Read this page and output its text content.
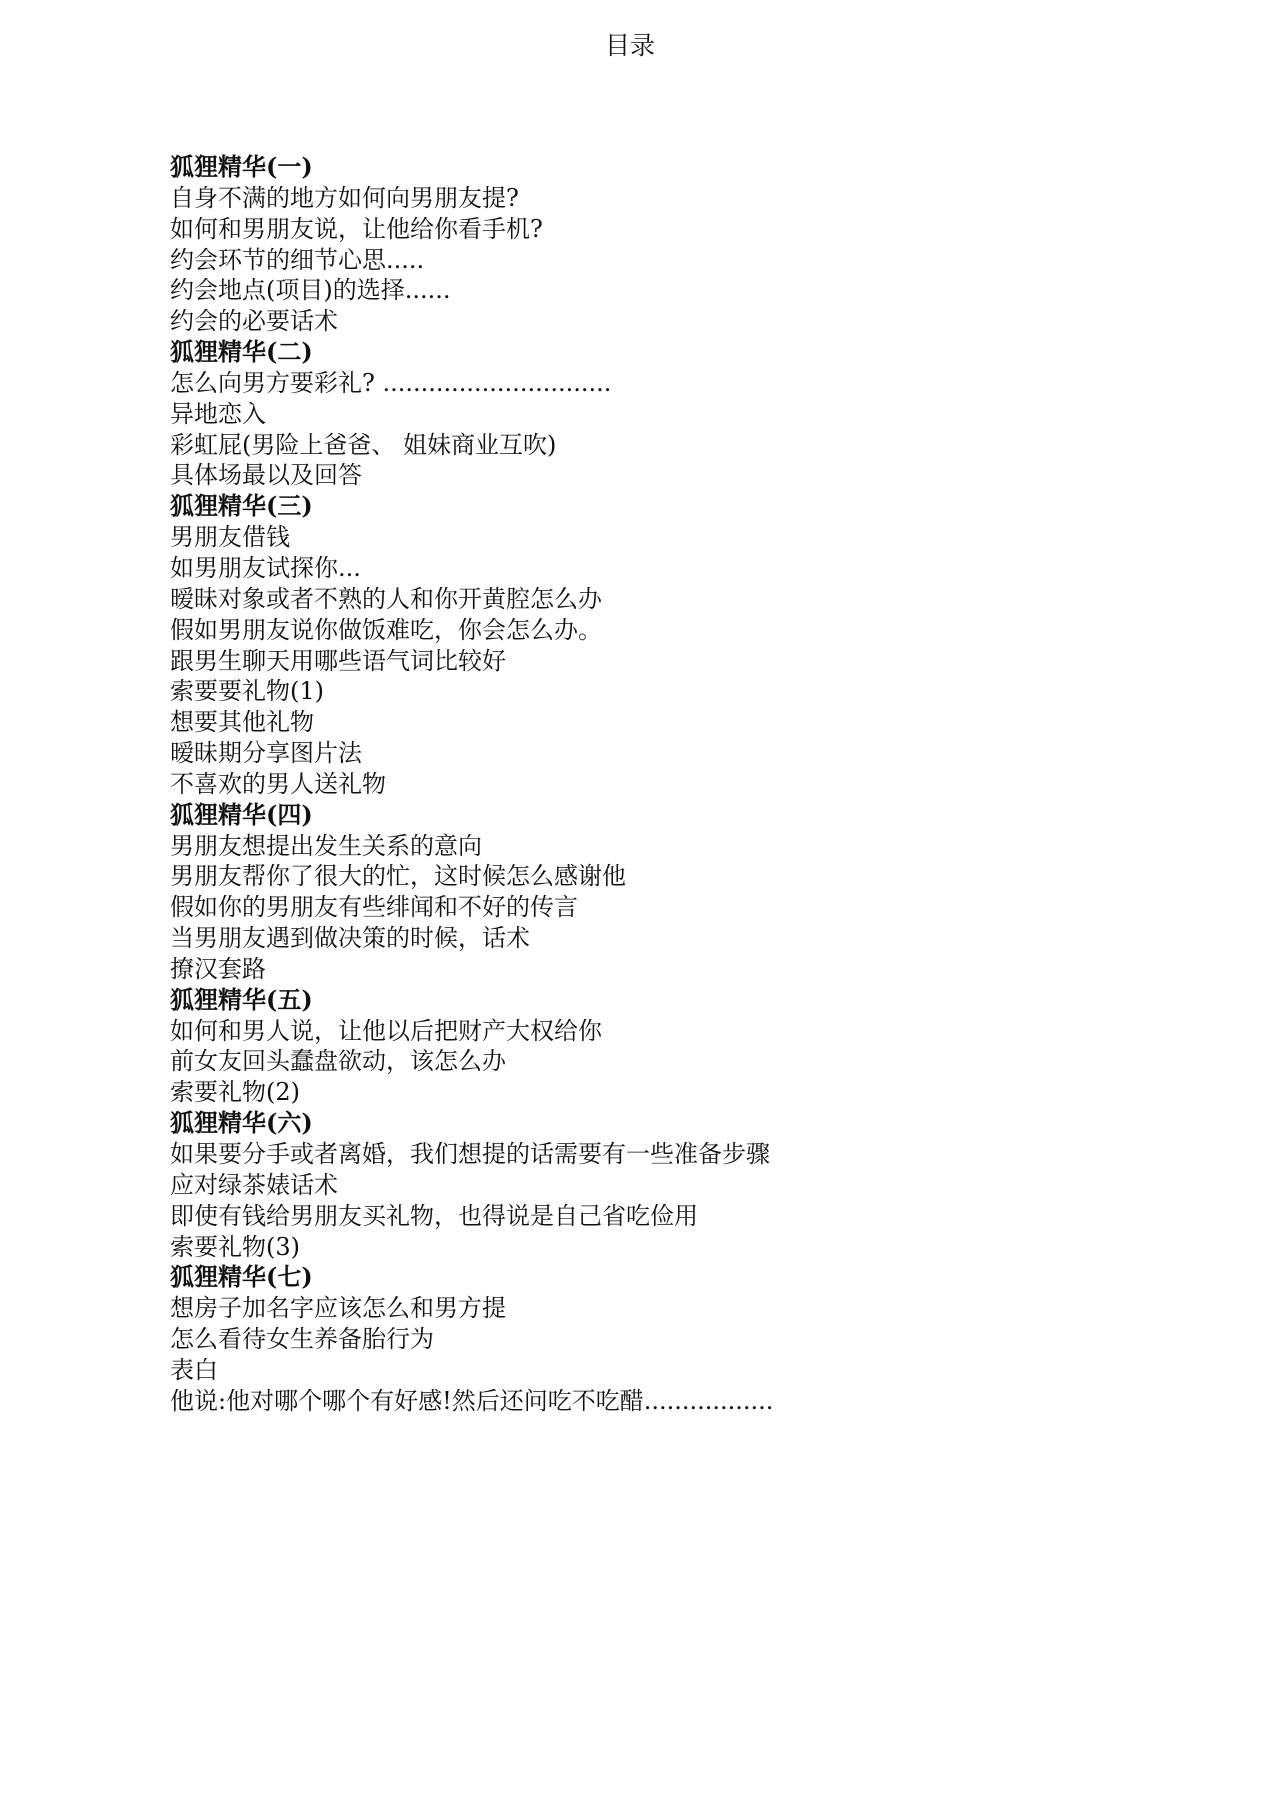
目录
狐狸精华(一)
自身不满的地方如何向男朋友提?
如何和男朋友说，让他给你看手机?
约会环节的细节心思.....
约会地点(项目)的选择......
约会的必要话术
狐狸精华(二)
怎么向男方要彩礼? ..............................
异地恋入
彩虹屁(男险上爸爸、 姐妹商业互吹)
具体场最以及回答
狐狸精华(三)
男朋友借钱
如男朋友试探你...
暧昧对象或者不熟的人和你开黄腔怎么办
假如男朋友说你做饭难吃，你会怎么办。
跟男生聊天用哪些语气词比较好
索要要礼物(1)
想要其他礼物
暧昧期分享图片法
不喜欢的男人送礼物
狐狸精华(四)
男朋友想提出发生关系的意向
男朋友帮你了很大的忙，这时候怎么感谢他
假如你的男朋友有些绯闻和不好的传言
当男朋友遇到做决策的时候，话术
撩汉套路
狐狸精华(五)
如何和男人说，让他以后把财产大权给你
前女友回头蠢盘欲动，该怎么办
索要礼物(2)
狐狸精华(六)
如果要分手或者离婚，我们想提的话需要有一些准备步骤
应对绿茶婊话术
即使有钱给男朋友买礼物，也得说是自己省吃俭用
索要礼物(3)
狐狸精华(七)
想房子加名字应该怎么和男方提
怎么看待女生养备胎行为
表白
他说:他对哪个哪个有好感!然后还问吃不吃醋.................
